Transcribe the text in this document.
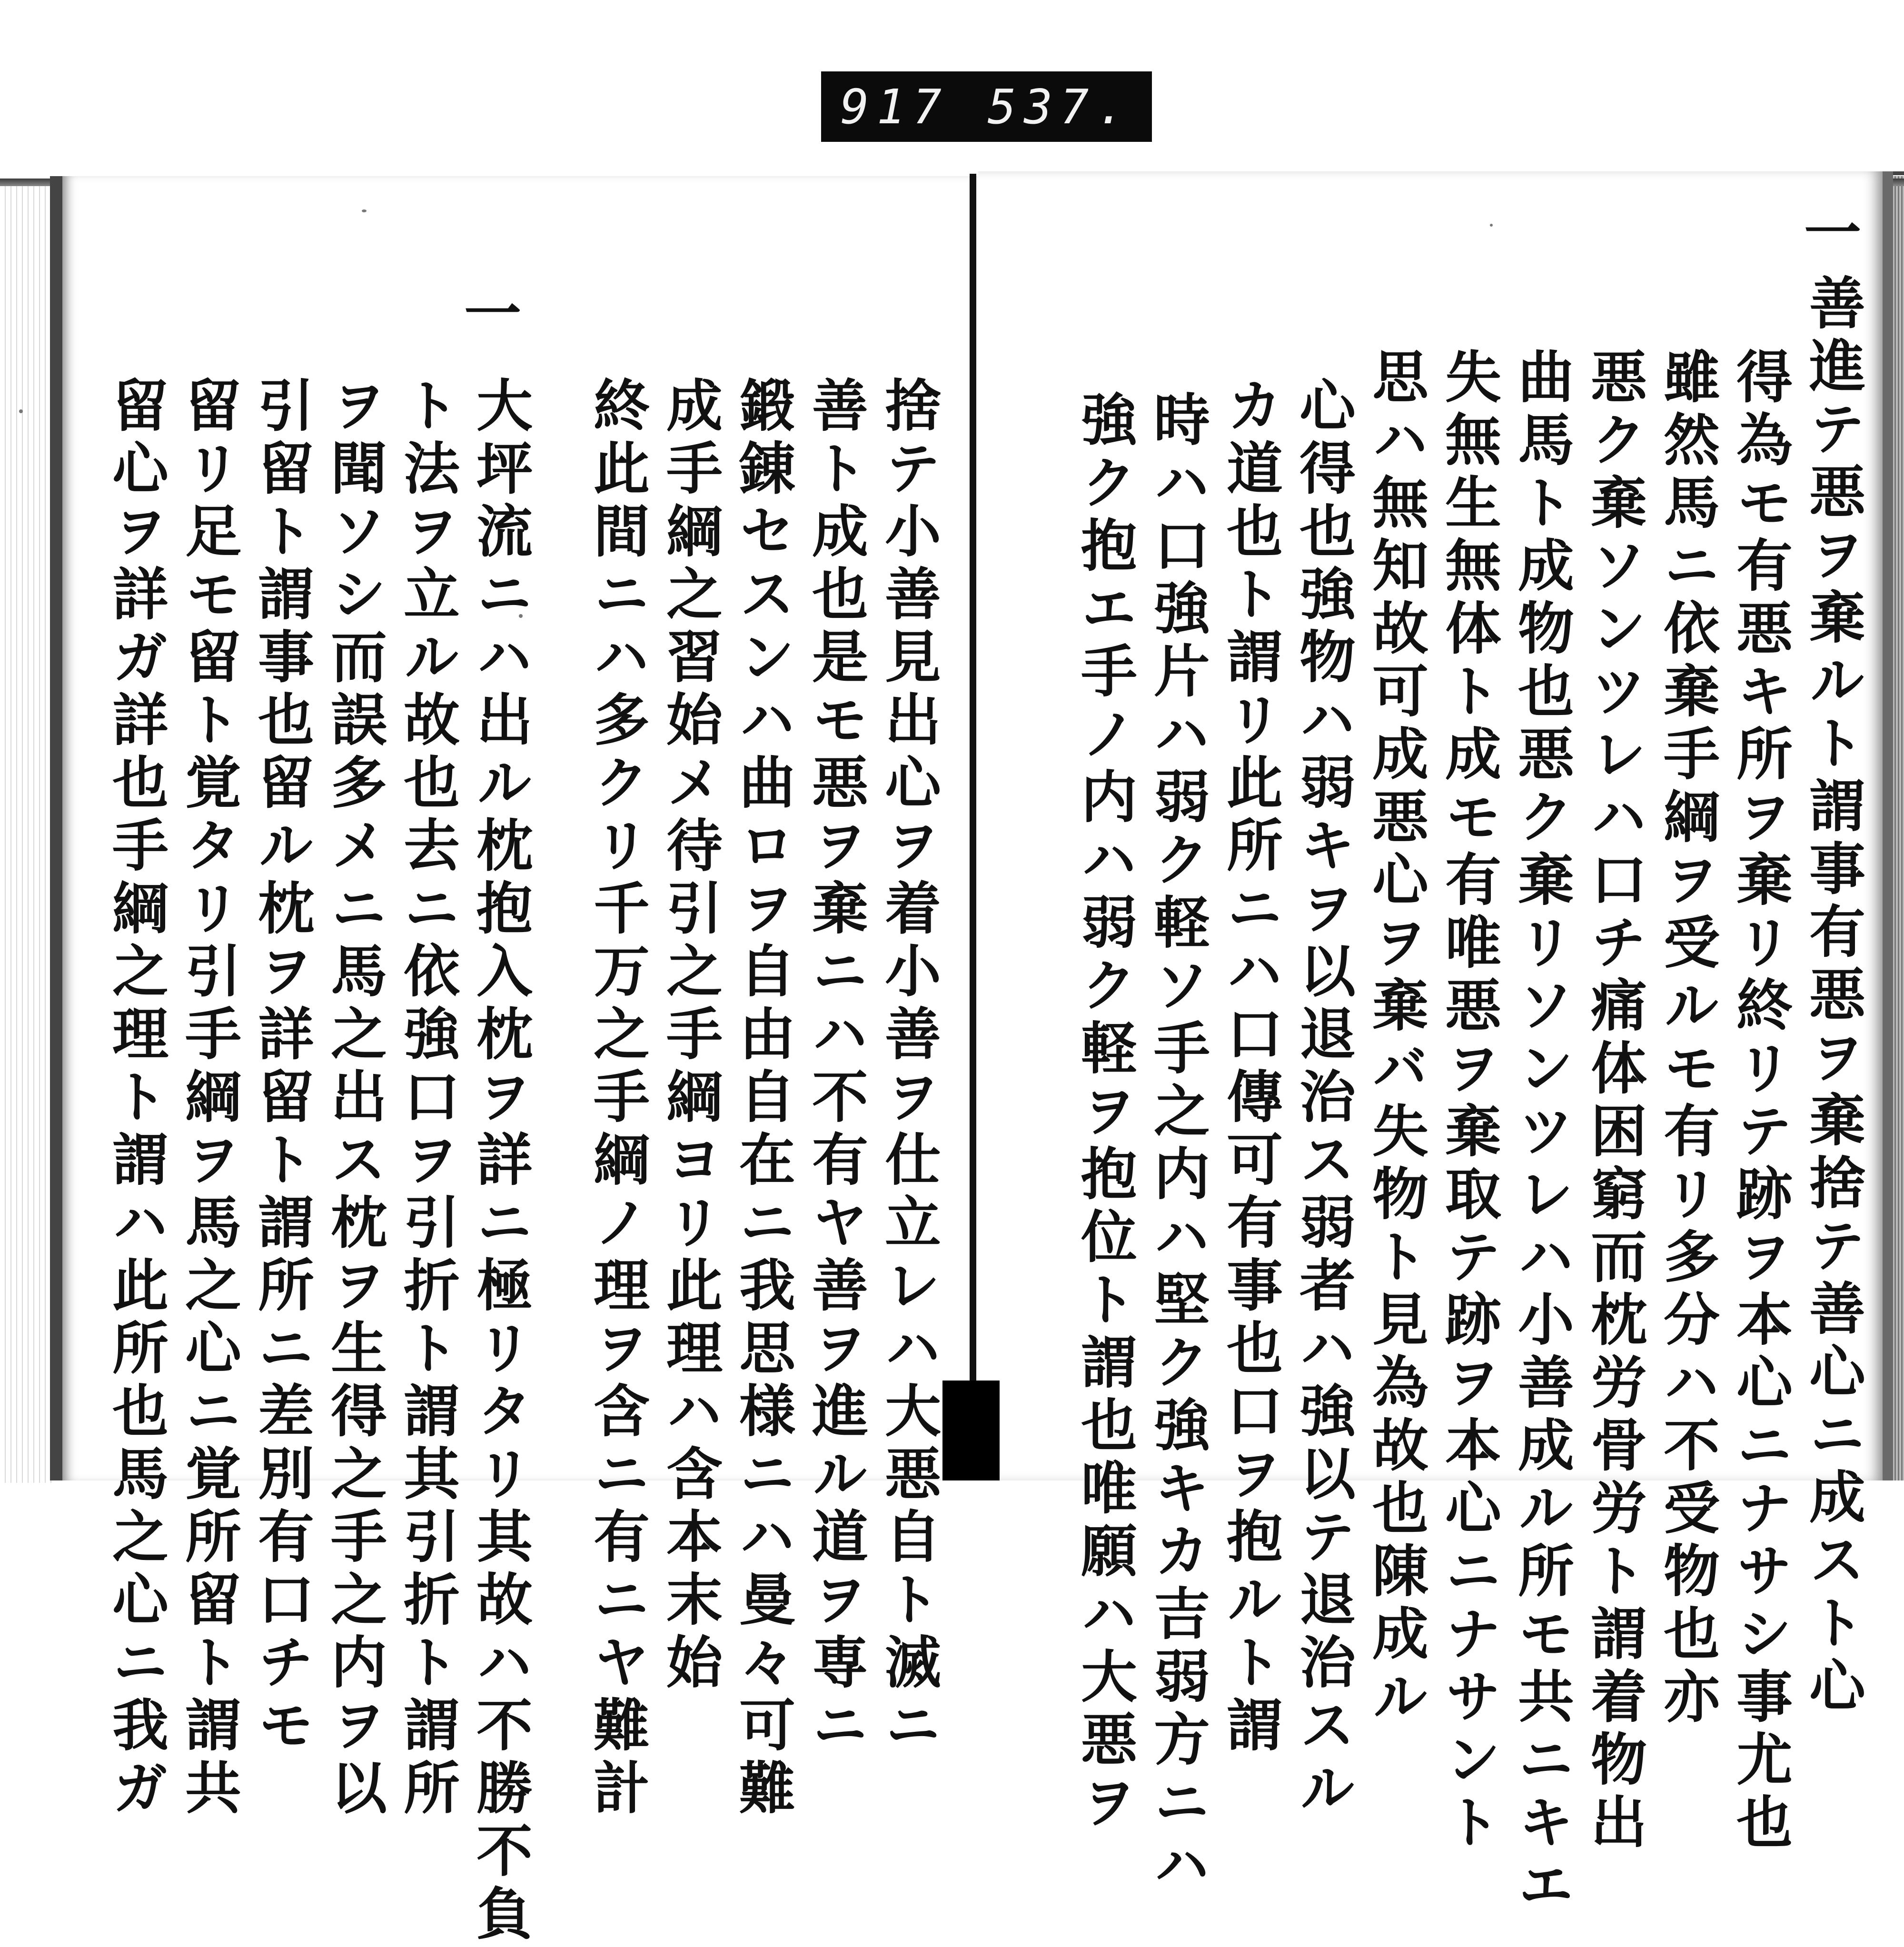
917 537.
一
善進テ悪ヲ棄ルト謂事有悪ヲ棄捨テ善心ニ成スト心
得為モ有悪キ所ヲ棄リ終リテ跡ヲ本心ニナサシ事尤也
雖然馬ニ依棄手綱ヲ受ルモ有リ多分ハ不受物也亦
悪ク棄ソンツレハ口チ痛体困窮而枕労骨労ト謂着物出
曲馬ト成物也悪ク棄リソンツレハ小善成ル所モ共ニキエ
失無生無体ト成モ有唯悪ヲ棄取テ跡ヲ本心ニナサント
思ハ無知故可成悪心ヲ棄バ失物ト見為故也陳成ル
心得也強物ハ弱キヲ以退治ス弱者ハ強以テ退治スル
カ道也ト謂リ此所ニハ口傳可有事也口ヲ抱ルト謂
時ハ口強片ハ弱ク軽ソ手之内ハ堅ク強キカ吉弱方ニハ
強ク抱エ手ノ内ハ弱ク軽ヲ抱位ト謂也唯願ハ大悪ヲ
一
捨テ小善見出心ヲ着小善ヲ仕立レハ大悪自ト滅ニ
善ト成也是モ悪ヲ棄ニハ不有ヤ善ヲ進ル道ヲ専ニ
鍛錬セスンハ曲ロヲ自由自在ニ我思様ニハ曼々可難
成手綱之習始メ待引之手綱ヨリ此理ハ含本末始
終此間ニハ多クリ千万之手綱ノ理ヲ含ニ有ニヤ難計
大坪流ニハ出ル枕抱入枕ヲ詳ニ極リタリ其故ハ不勝不負
ト法ヲ立ル故也去ニ依強口ヲ引折ト謂其引折ト謂所
ヲ聞ソシ而誤多メニ馬之出ス枕ヲ生得之手之内ヲ以
引留ト謂事也留ル枕ヲ詳留ト謂所ニ差別有口チモ
留リ足モ留ト覚タリ引手綱ヲ馬之心ニ覚所留ト謂共
留心ヲ詳ガ詳也手綱之理ト謂ハ此所也馬之心ニ我ガ
